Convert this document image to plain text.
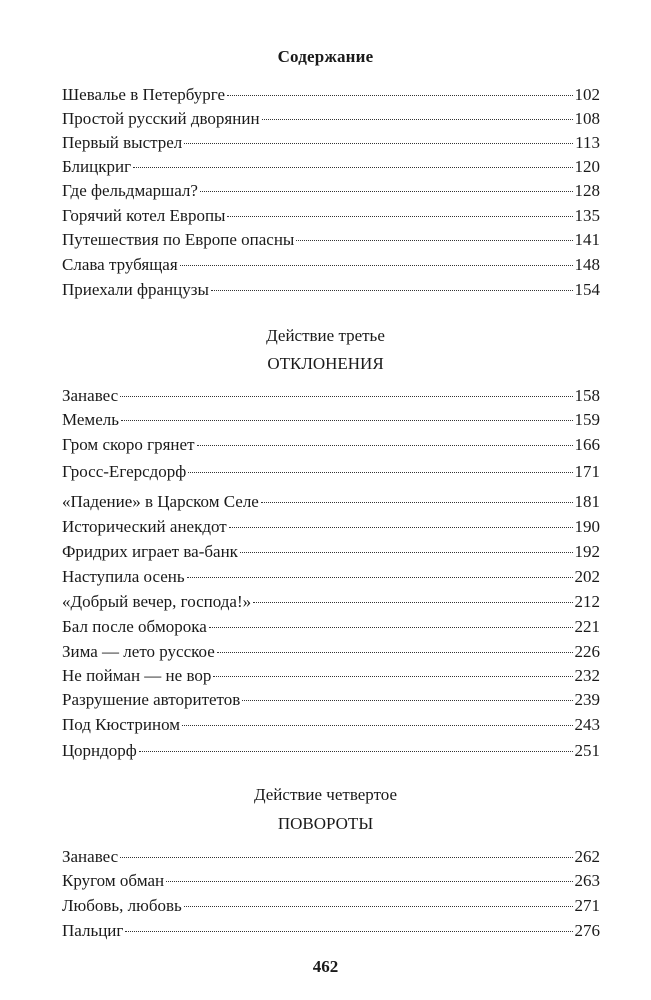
Содержание
Шевалье в Петербурге	102
Простой русский дворянин	108
Первый выстрел	113
Блицкриг	120
Где фельдмаршал?	128
Горячий котел Европы	135
Путешествия по Европе опасны	141
Слава трубящая	148
Приехали французы	154
Действие третье
ОТКЛОНЕНИЯ
Занавес	158
Мемель	159
Гром скоро грянет	166
Гросс-Егерсдорф	171
«Падение» в Царском Селе	181
Исторический анекдот	190
Фридрих играет ва-банк	192
Наступила осень	202
«Добрый вечер, господа!»	212
Бал после обморока	221
Зима — лето русское	226
Не пойман — не вор	232
Разрушение авторитетов	239
Под Кюстрином	243
Цорндорф	251
Действие четвертое
ПОВОРОТЫ
Занавес	262
Кругом обман	263
Любовь, любовь	271
Пальциг	276
462
